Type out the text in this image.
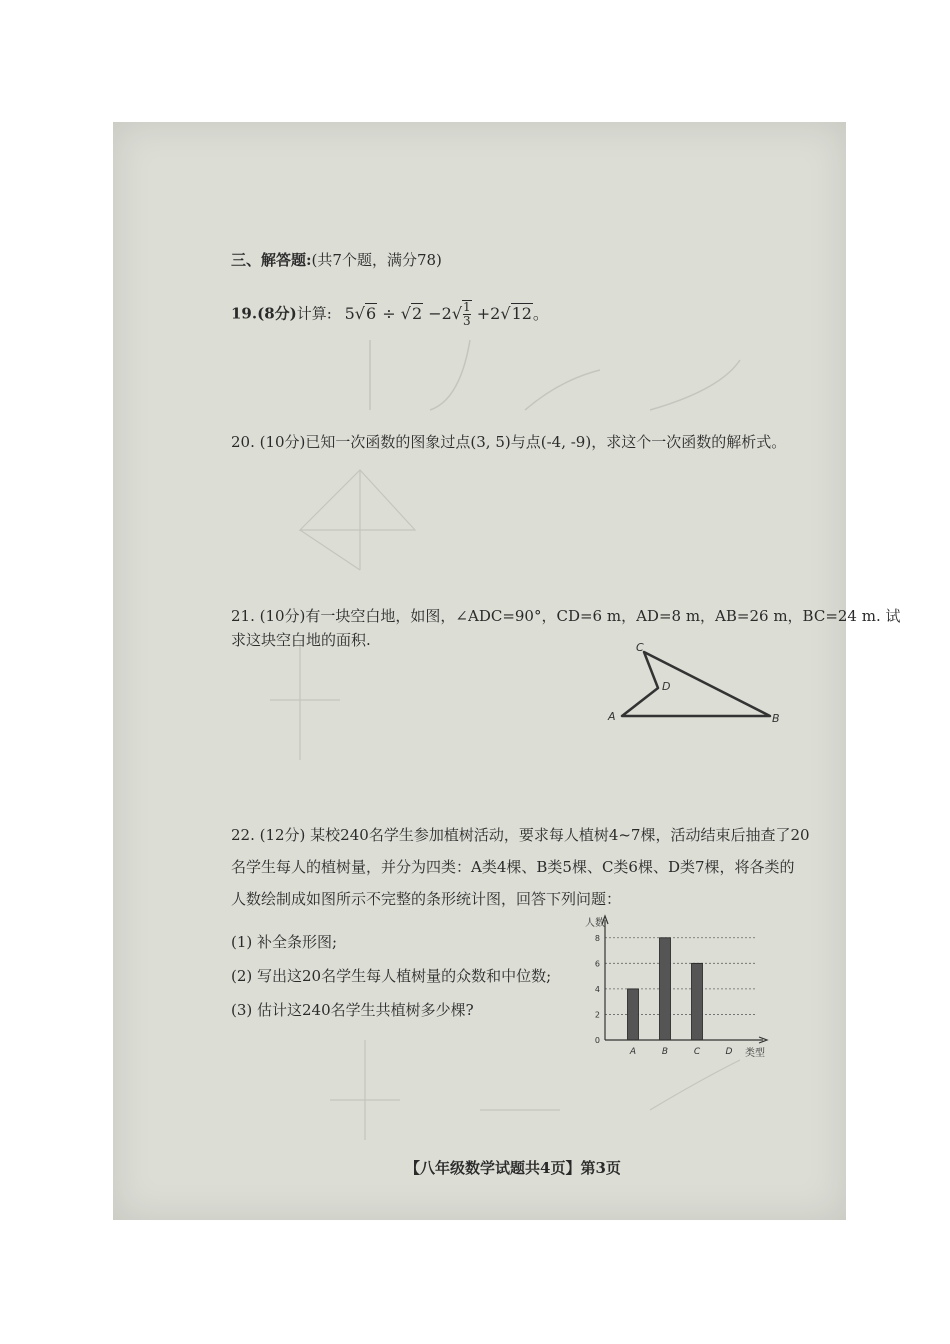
三、解答题:(共7个题，满分78)
19.(8分)计算: $5√6 \div √2 -2√ \frac{1}{3} +2√12$。
20. (10分)已知一次函数的图象过点(3, 5)与点(-4, -9)，求这个一次函数的解析式。
21. (10分)有一块空白地，如图，∠ADC=90°，CD=6 m，AD=8 m，AB=26 m，BC=24 m. 试
求这块空白地的面积.
A	B
C
D
22. (12分) 某校240名学生参加植树活动，要求每人植树4~7棵，活动结束后抽查了20
名学生每人的植树量，并分为四类：A类4棵、B类5棵、C类6棵、D类7棵，将各类的
人数绘制成如图所示不完整的条形统计图，回答下列问题：
(1) 补全条形图;
(2) 写出这20名学生每人植树量的众数和中位数;
(3) 估计这240名学生共植树多少棵?
0
2
4
6
8
A	B	C	D
人数
类型
【八年级数学试题共4页】第3页
